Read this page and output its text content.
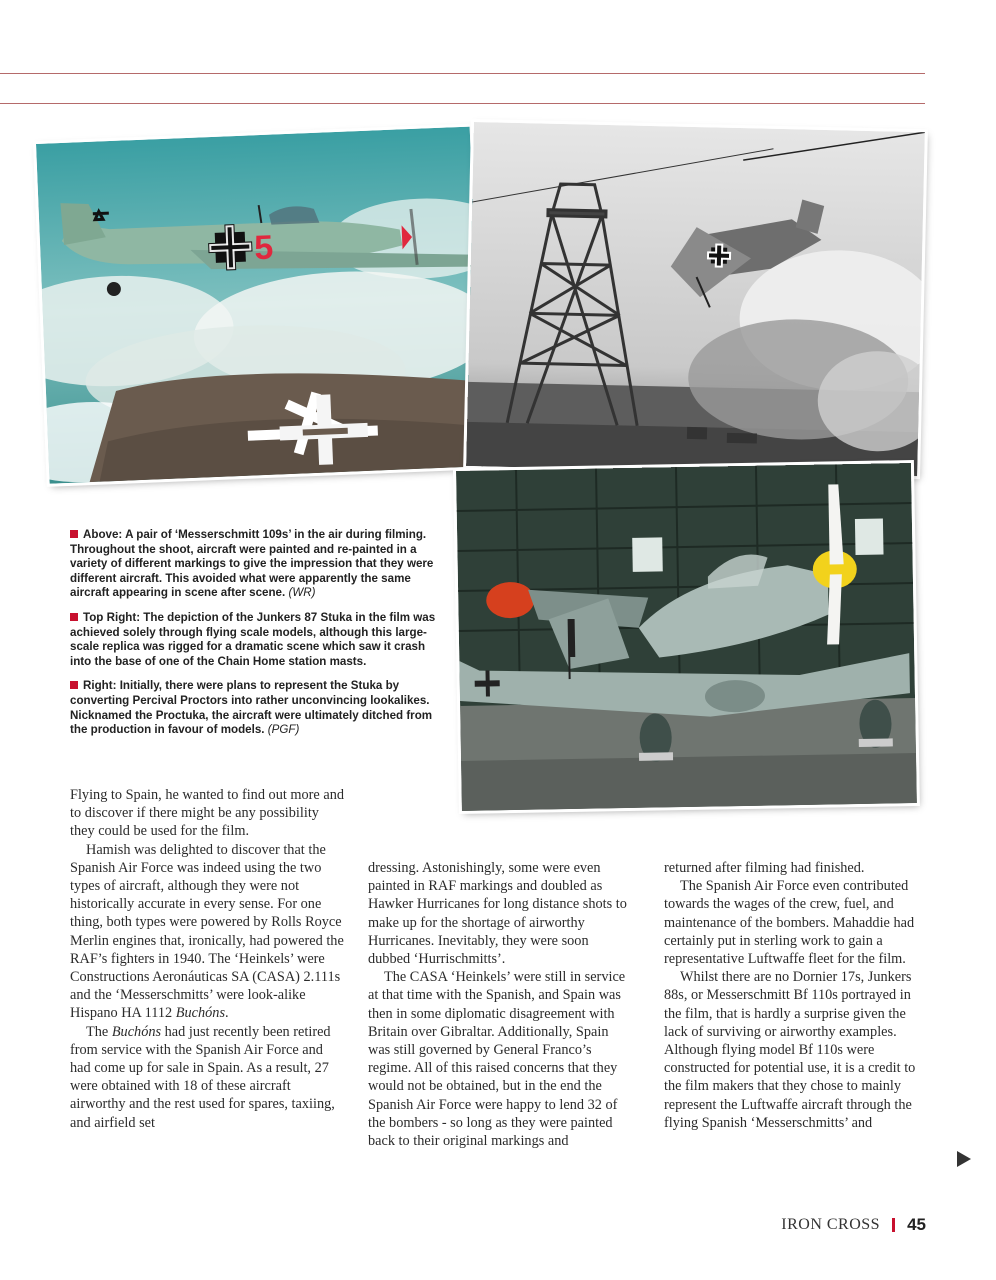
5

Above: A pair of ‘Messerschmitt 109s’ in the air during filming. Throughout the shoot, aircraft were painted and re-painted in a variety of different markings to give the impression that they were different aircraft. This avoided what were apparently the same aircraft appearing in scene after scene. (WR)

Top Right: The depiction of the Junkers 87 Stuka in the film was achieved solely through flying scale models, although this large-scale replica was rigged for a dramatic scene which saw it crash into the base of one of the Chain Home station masts.

Right: Initially, there were plans to represent the Stuka by converting Percival Proctors into rather unconvincing lookalikes. Nicknamed the Proctuka, the aircraft were ultimately ditched from the production in favour of models. (PGF)

Flying to Spain, he wanted to find out more and to discover if there might be any possibility they could be used for the film.

Hamish was delighted to discover that the Spanish Air Force was indeed using the two types of aircraft, although they were not historically accurate in every sense. For one thing, both types were powered by Rolls Royce Merlin engines that, ironically, had powered the RAF’s fighters in 1940. The ‘Heinkels’ were Constructions Aeronáuticas SA (CASA) 2.111s and the ‘Messerschmitts’ were look-alike Hispano HA 1112 Buchóns.

The Buchóns had just recently been retired from service with the Spanish Air Force and had come up for sale in Spain. As a result, 27 were obtained with 18 of these aircraft airworthy and the rest used for spares, taxiing, and airfield set

dressing. Astonishingly, some were even painted in RAF markings and doubled as Hawker Hurricanes for long distance shots to make up for the shortage of airworthy Hurricanes. Inevitably, they were soon dubbed ‘Hurrischmitts’.

The CASA ‘Heinkels’ were still in service at that time with the Spanish, and Spain was then in some diplomatic disagreement with Britain over Gibraltar. Additionally, Spain was still governed by General Franco’s regime. All of this raised concerns that they would not be obtained, but in the end the Spanish Air Force were happy to lend 32 of the bombers - so long as they were painted back to their original markings and

returned after filming had finished.

The Spanish Air Force even contributed towards the wages of the crew, fuel, and maintenance of the bombers. Mahaddie had certainly put in sterling work to gain a representative Luftwaffe fleet for the film.

Whilst there are no Dornier 17s, Junkers 88s, or Messerschmitt Bf 110s portrayed in the film, that is hardly a surprise given the lack of surviving or airworthy examples. Although flying model Bf 110s were constructed for potential use, it is a credit to the film makers that they chose to mainly represent the Luftwaffe aircraft through the flying Spanish ‘Messerschmitts’ and

IRON CROSS 45
